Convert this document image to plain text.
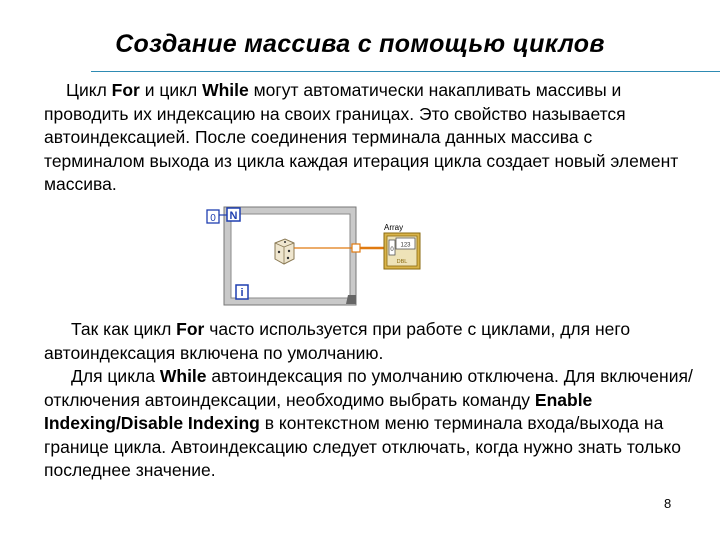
Создание массива с помощью циклов

Цикл For и цикл While могут автоматически накапливать массивы и проводить их индексацию на своих границах. Это свойство называется автоиндексацией. После соединения терминала данных массива с терминалом выхода из цикла каждая итерация цикла создает новый элемент массива.

0 N
i
Array
123
0
DBL

Так как цикл For часто используется при работе с циклами, для него автоиндексация включена по умолчанию.
Для цикла While автоиндексация по умолчанию отключена. Для включения/отключения автоиндексации, необходимо выбрать команду Enable Indexing/Disable Indexing в контекстном меню терминала входа/выхода на границе цикла. Автоиндексацию следует отключать, когда нужно знать только последнее значение.

8
